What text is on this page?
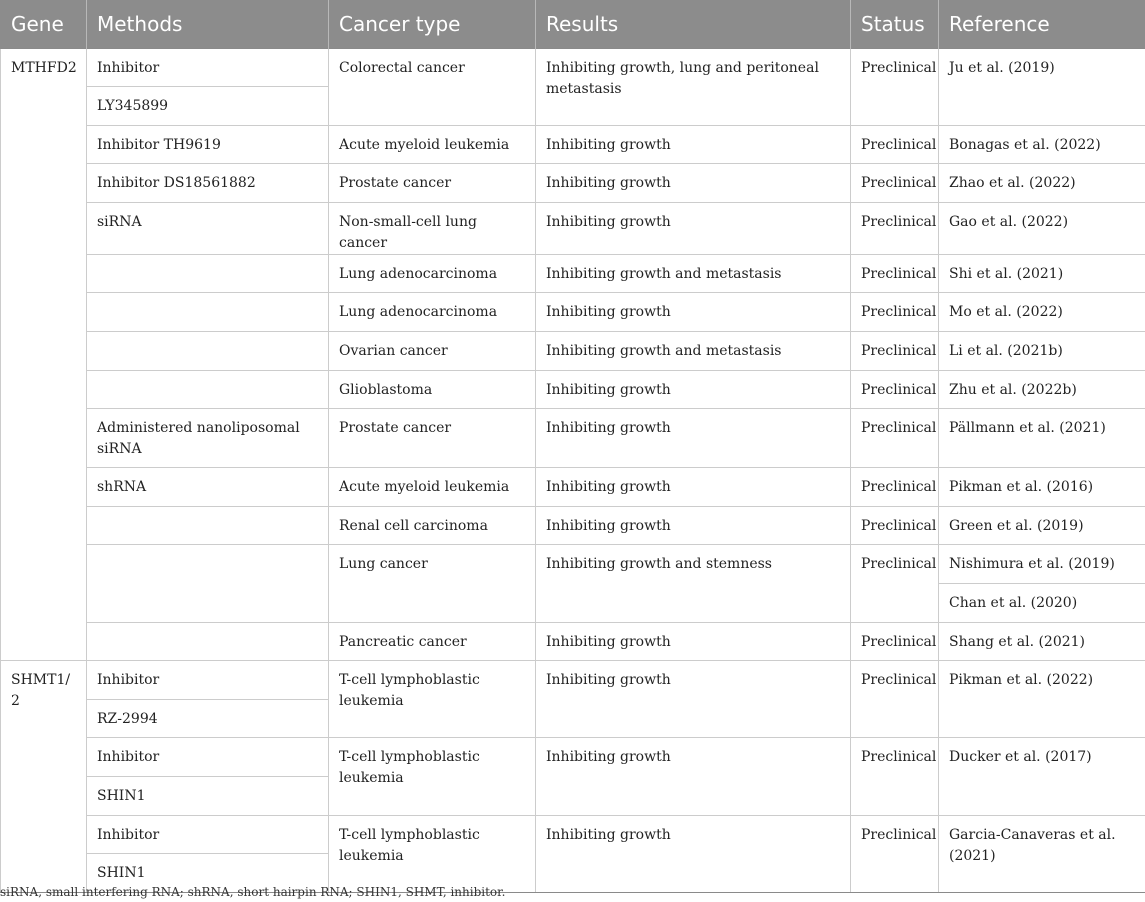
Gene	Methods	Cancer type	Results	Status	Reference
MTHFD2	Inhibitor	Colorectal cancer	Inhibiting growth, lung and peritoneal metastasis	Preclinical	Ju et al. (2019)
	LY345899				
	Inhibitor TH9619	Acute myeloid leukemia	Inhibiting growth	Preclinical	Bonagas et al. (2022)
	Inhibitor DS18561882	Prostate cancer	Inhibiting growth	Preclinical	Zhao et al. (2022)
	siRNA	Non-small-cell lung cancer	Inhibiting growth	Preclinical	Gao et al. (2022)
		Lung adenocarcinoma	Inhibiting growth and metastasis	Preclinical	Shi et al. (2021)
		Lung adenocarcinoma	Inhibiting growth	Preclinical	Mo et al. (2022)
		Ovarian cancer	Inhibiting growth and metastasis	Preclinical	Li et al. (2021b)
		Glioblastoma	Inhibiting growth	Preclinical	Zhu et al. (2022b)
	Administered nanoliposomal siRNA	Prostate cancer	Inhibiting growth	Preclinical	Pällmann et al. (2021)
	shRNA	Acute myeloid leukemia	Inhibiting growth	Preclinical	Pikman et al. (2016)
		Renal cell carcinoma	Inhibiting growth	Preclinical	Green et al. (2019)
		Lung cancer	Inhibiting growth and stemness	Preclinical	Nishimura et al. (2019)
					Chan et al. (2020)
		Pancreatic cancer	Inhibiting growth	Preclinical	Shang et al. (2021)
SHMT1/
2	Inhibitor	T-cell lymphoblastic leukemia	Inhibiting growth	Preclinical	Pikman et al. (2022)
	RZ-2994				
	Inhibitor	T-cell lymphoblastic leukemia	Inhibiting growth	Preclinical	Ducker et al. (2017)
	SHIN1				
	Inhibitor	T-cell lymphoblastic leukemia	Inhibiting growth	Preclinical	Garcia-Canaveras et al. (2021)
	SHIN1				
siRNA, small interfering RNA; shRNA, short hairpin RNA; SHIN1, SHMT, inhibitor.
